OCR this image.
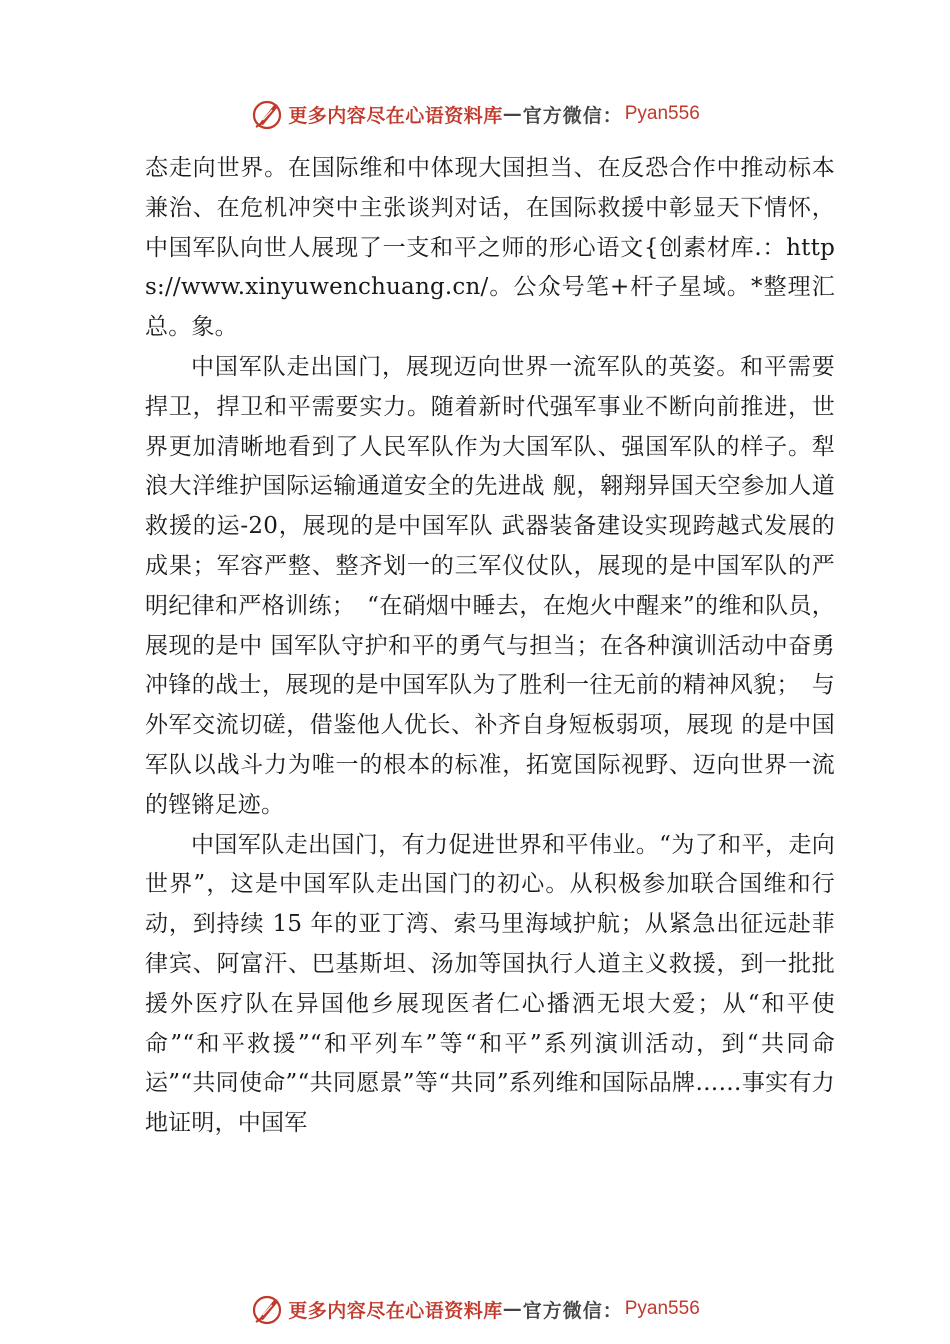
更多内容尽在心语资料库 — 官方微信： Pyan556

态走向世界。在国际维和中体现大国担当、在反恐合作中推动标本兼治、在危机冲突中主张谈判对话，在国际救援中彰显天下情怀，中国军队向世人展现了一支和平之师的形心语文{创素材库.：https://www.xinyuwenchuang.cn/。公众号笔+杆子星域。*整理汇总。象。

中国军队走出国门，展现迈向世界一流军队的英姿。和平需要捍卫，捍卫和平需要实力。随着新时代强军事业不断向前推进，世界更加清晰地看到了人民军队作为大国军队、强国军队的样子。犁浪大洋维护国际运输通道安全的先进战 舰，翱翔异国天空参加人道救援的运-20，展现的是中国军队 武器装备建设实现跨越式发展的成果；军容严整、整齐划一的三军仪仗队，展现的是中国军队的严明纪律和严格训练；　“在硝烟中睡去，在炮火中醒来”的维和队员，展现的是中 国军队守护和平的勇气与担当；在各种演训活动中奋勇冲锋的战士，展现的是中国军队为了胜利一往无前的精神风貌；　与外军交流切磋，借鉴他人优长、补齐自身短板弱项，展现 的是中国军队以战斗力为唯一的根本的标准，拓宽国际视野、迈向世界一流的铿锵足迹。

中国军队走出国门，有力促进世界和平伟业。“为了和平，走向世界”，这是中国军队走出国门的初心。从积极参加联合国维和行动，到持续 15 年的亚丁湾、索马里海域护航；从紧急出征远赴菲律宾、阿富汗、巴基斯坦、汤加等国执行人道主义救援，到一批批援外医疗队在异国他乡展现医者仁心播洒无垠大爱；从“和平使命”“和平救援”“和平列车”等“和平”系列演训活动，到“共同命运”“共同使命”“共同愿景”等“共同”系列维和国际品牌……事实有力地证明，中国军

更多内容尽在心语资料库 — 官方微信： Pyan556
